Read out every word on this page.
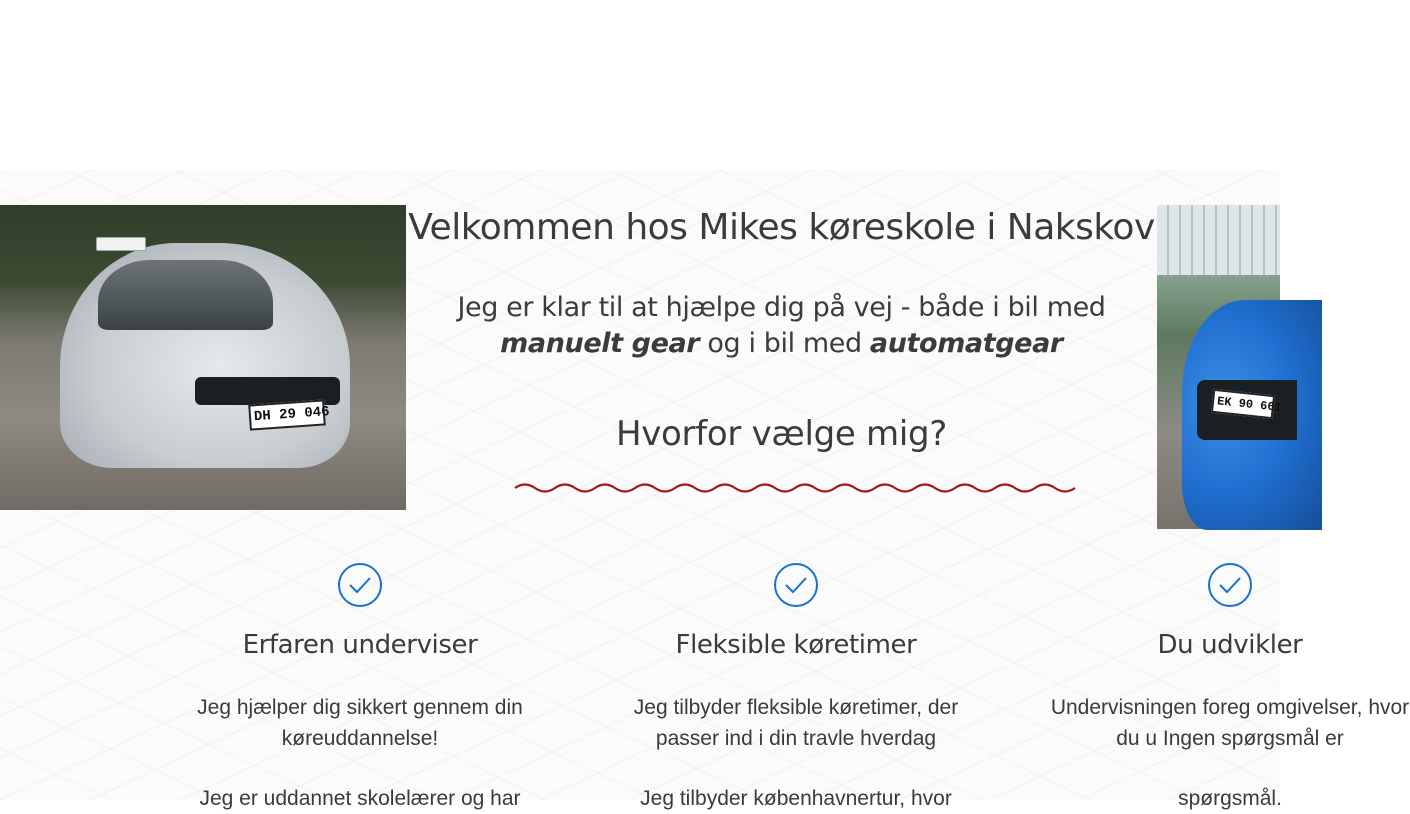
DH 29 046	EK 90 661
Velkommen hos Mikes køreskole i Nakskov

Jeg er klar til at hjælpe dig på vej - både i bil med
manuelt gear og i bil med automatgear

Hvorfor vælge mig?
Erfaren underviser

Jeg hjælper dig sikkert gennem din køreuddannelse!

Jeg er uddannet skolelærer og har

Fleksible køretimer

Jeg tilbyder fleksible køretimer, der passer ind i din travle hverdag

Jeg tilbyder københavnertur, hvor

Du udvikler

Undervisningen foreg omgivelser, hvor du u Ingen spørgsmål er

spørgsmål.
